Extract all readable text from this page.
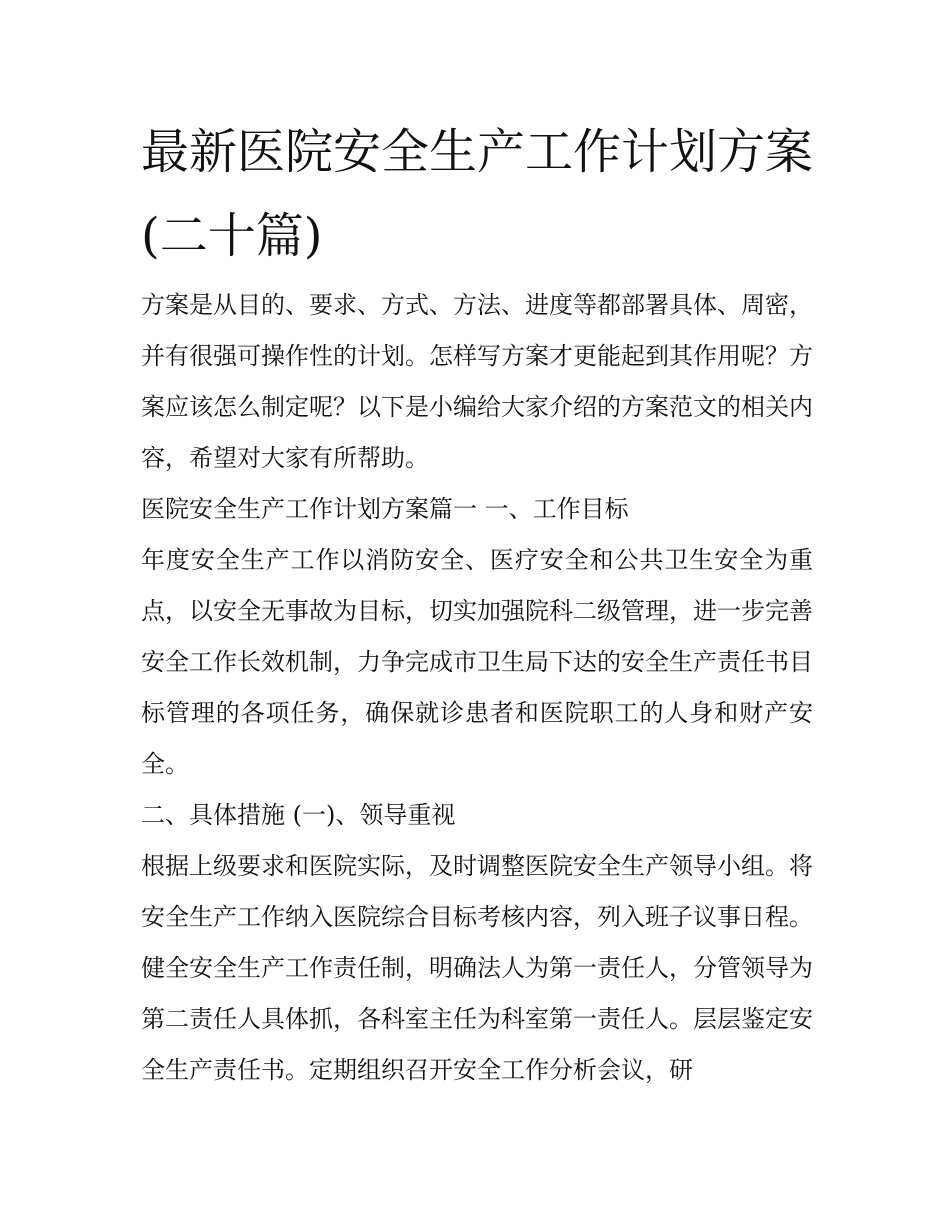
最新医院安全生产工作计划方案(二十篇)

方案是从目的、要求、方式、方法、进度等都部署具体、周密，并有很强可操作性的计划。怎样写方案才更能起到其作用呢？方案应该怎么制定呢？以下是小编给大家介绍的方案范文的相关内容，希望对大家有所帮助。

医院安全生产工作计划方案篇一 一、工作目标

年度安全生产工作以消防安全、医疗安全和公共卫生安全为重点，以安全无事故为目标，切实加强院科二级管理，进一步完善安全工作长效机制，力争完成市卫生局下达的安全生产责任书目标管理的各项任务，确保就诊患者和医院职工的人身和财产安全。

二、具体措施 (一)、领导重视

根据上级要求和医院实际，及时调整医院安全生产领导小组。将安全生产工作纳入医院综合目标考核内容，列入班子议事日程。健全安全生产工作责任制，明确法人为第一责任人，分管领导为第二责任人具体抓，各科室主任为科室第一责任人。层层鉴定安全生产责任书。定期组织召开安全工作分析会议，研
